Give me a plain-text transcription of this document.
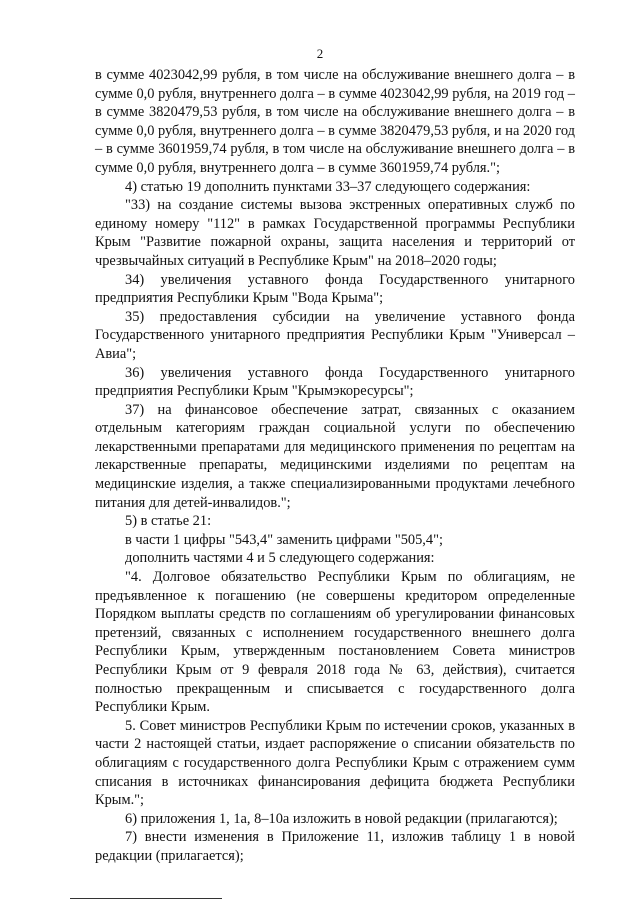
2

в сумме 4023042,99 рубля, в том числе на обслуживание внешнего долга – в сумме 0,0 рубля, внутреннего долга – в сумме 4023042,99 рубля, на 2019 год – в сумме 3820479,53 рубля, в том числе на обслуживание внешнего долга – в сумме 0,0 рубля, внутреннего долга – в сумме 3820479,53 рубля, и на 2020 год – в сумме 3601959,74 рубля, в том числе на обслуживание внешнего долга – в сумме 0,0 рубля, внутреннего долга – в сумме 3601959,74 рубля.";

4) статью 19 дополнить пунктами 33–37 следующего содержания:

"33) на создание системы вызова экстренных оперативных служб по единому номеру "112" в рамках Государственной программы Республики Крым "Развитие пожарной охраны, защита населения и территорий от чрезвычайных ситуаций в Республике Крым" на 2018–2020 годы;

34) увеличения уставного фонда Государственного унитарного предприятия Республики Крым "Вода Крыма";

35) предоставления субсидии на увеличение уставного фонда Государственного унитарного предприятия Республики Крым "Универсал – Авиа";

36) увеличения уставного фонда Государственного унитарного предприятия Республики Крым "Крымэкоресурсы";

37) на финансовое обеспечение затрат, связанных с оказанием отдельным категориям граждан социальной услуги по обеспечению лекарственными препаратами для медицинского применения по рецептам на лекарственные препараты, медицинскими изделиями по рецептам на медицинские изделия, а также специализированными продуктами лечебного питания для детей-инвалидов.";

5) в статье 21:

в части 1 цифры "543,4" заменить цифрами "505,4";

дополнить частями 4 и 5 следующего содержания:

"4. Долговое обязательство Республики Крым по облигациям, не предъявленное к погашению (не совершены кредитором определенные Порядком выплаты средств по соглашениям об урегулировании финансовых претензий, связанных с исполнением государственного внешнего долга Республики Крым, утвержденным постановлением Совета министров Республики Крым от 9 февраля 2018 года № 63, действия), считается полностью прекращенным и списывается с государственного долга Республики Крым.

5. Совет министров Республики Крым по истечении сроков, указанных в части 2 настоящей статьи, издает распоряжение о списании обязательств по облигациям с государственного долга Республики Крым с отражением сумм списания в источниках финансирования дефицита бюджета Республики Крым.";

6) приложения 1, 1а, 8–10а изложить в новой редакции (прилагаются);

7) внести изменения в Приложение 11, изложив таблицу 1 в новой редакции (прилагается);
